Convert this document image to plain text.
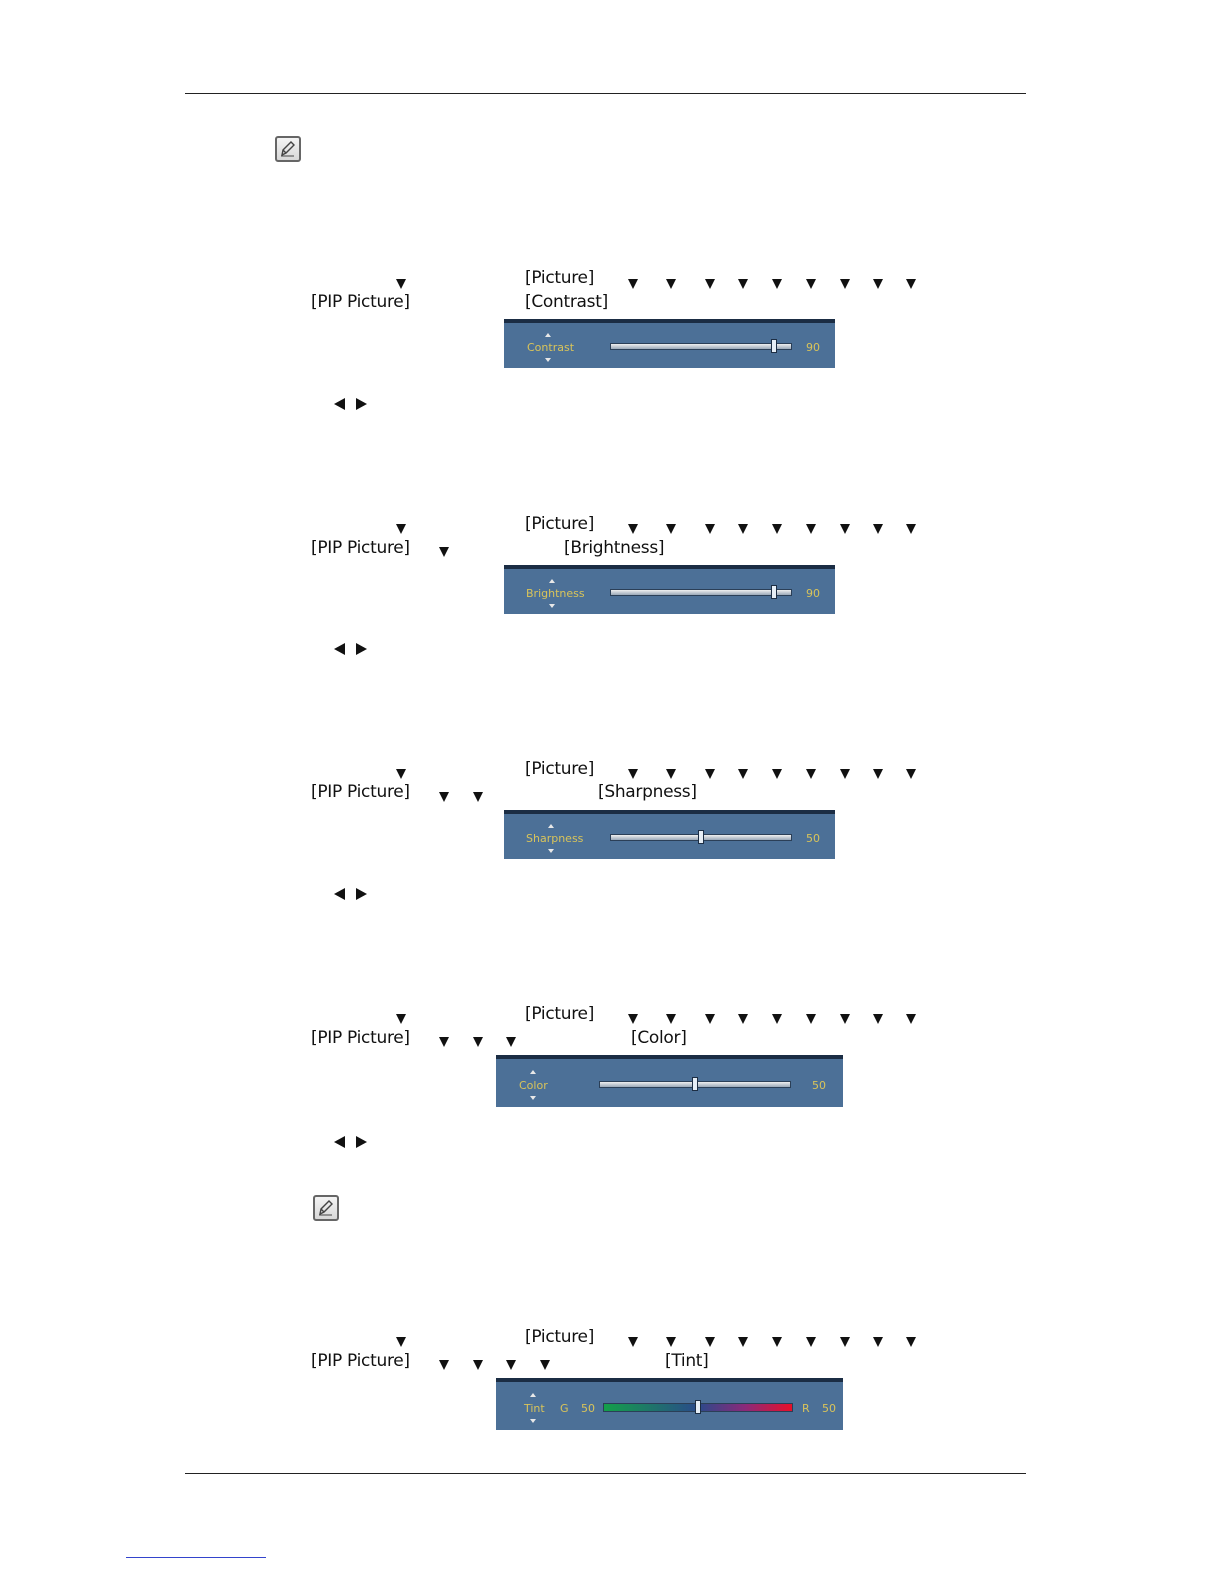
[Picture]
[PIP Picture]	[Contrast]
Contrast	90
[Picture]
[PIP Picture]	[Brightness]
Brightness	90
[Picture]
[PIP Picture]	[Sharpness]
Sharpness	50
[Picture]
[PIP Picture]	[Color]
Color	50
[Picture]
[PIP Picture]	[Tint]
Tint G 50	R 50
